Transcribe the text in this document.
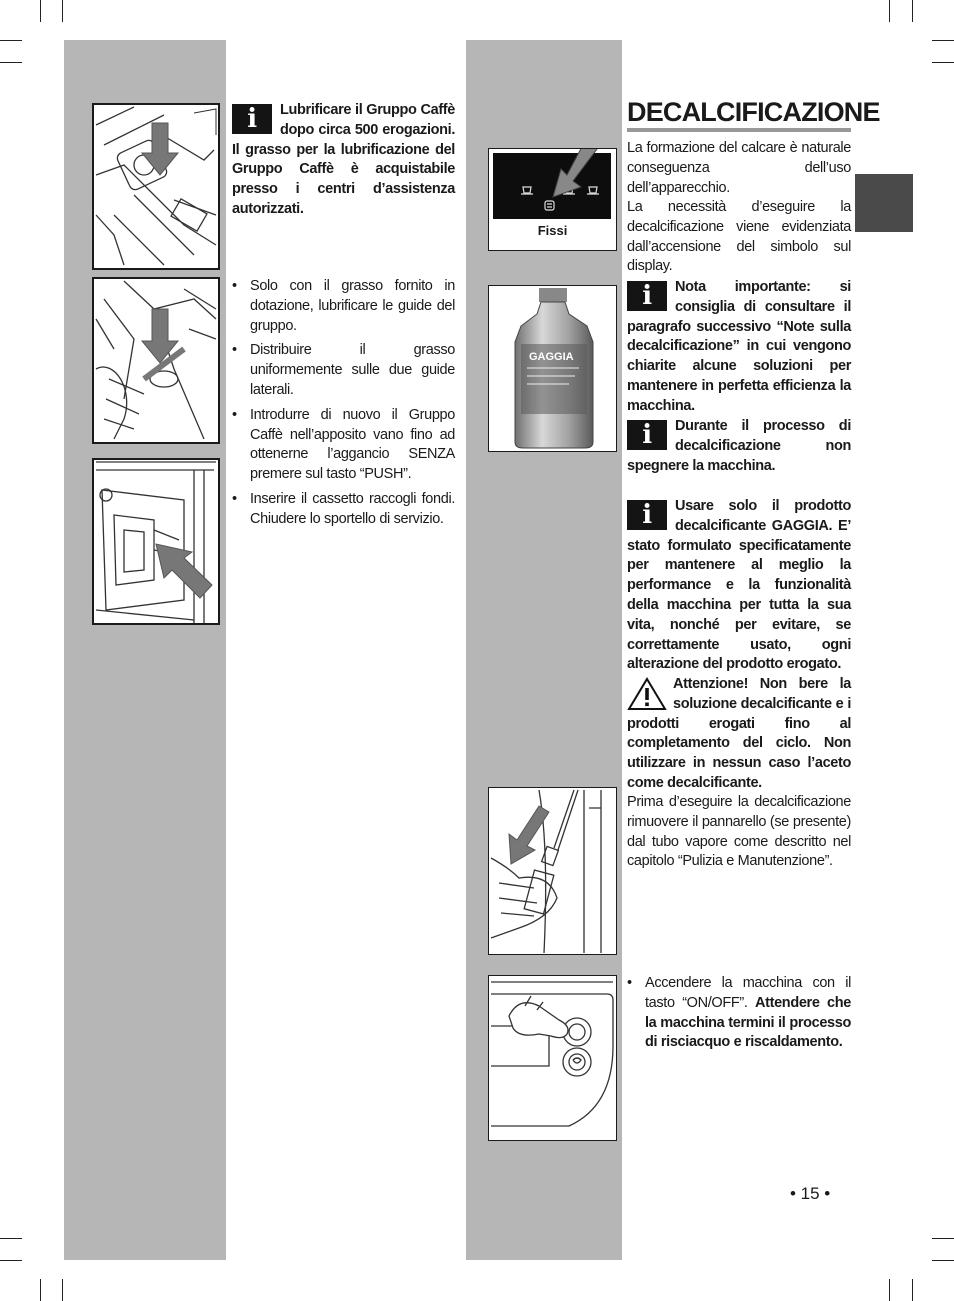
i	Lubrificare il Gruppo Caffè dopo circa 500 erogazioni. Il grasso per la lubrificazione del Gruppo Caffè è acquistabile presso i centri d’assistenza autorizzati.
• Solo con il grasso fornito in dotazione, lubrificare le guide del gruppo.
• Distribuire il grasso uniformemente sulle due guide laterali.
• Introdurre di nuovo il Gruppo Caffè nell’apposito vano fino ad ottenerne l’aggancio SENZA premere sul tasto “PUSH”.
• Inserire il cassetto raccogli fondi. Chiudere lo sportello di servizio.
Fissi
GAGGIA
DECALCIFICAZIONE
La formazione del calcare è naturale conseguenza dell’uso dell’apparecchio.
La necessità d’eseguire la decalcificazione viene evidenziata dall’accensione del simbolo sul display.
i	Nota importante: si consiglia di consultare il paragrafo successivo “Note sulla decalcificazione” in cui vengono chiarite alcune soluzioni per mantenere in perfetta efficienza la macchina.
i	Durante il processo di decalcificazione non spegnere la macchina.
i	Usare solo il prodotto decalcificante GAGGIA. E’ stato formulato specificatamente per mantenere al meglio la performance e la funzionalità della macchina per tutta la sua vita, nonché per evitare, se correttamente usato, ogni alterazione del prodotto erogato.
Attenzione! Non bere la soluzione decalcificante e i prodotti erogati fino al completamento del ciclo. Non utilizzare in nessun caso l’aceto come decalcificante.
Prima d’eseguire la decalcificazione rimuovere il pannarello (se presente) dal tubo vapore come descritto nel capitolo “Pulizia e Manutenzione”.
• Accendere la macchina con il tasto “ON/OFF”. Attendere che la macchina termini il processo di risciacquo e riscaldamento.
• 15 •
